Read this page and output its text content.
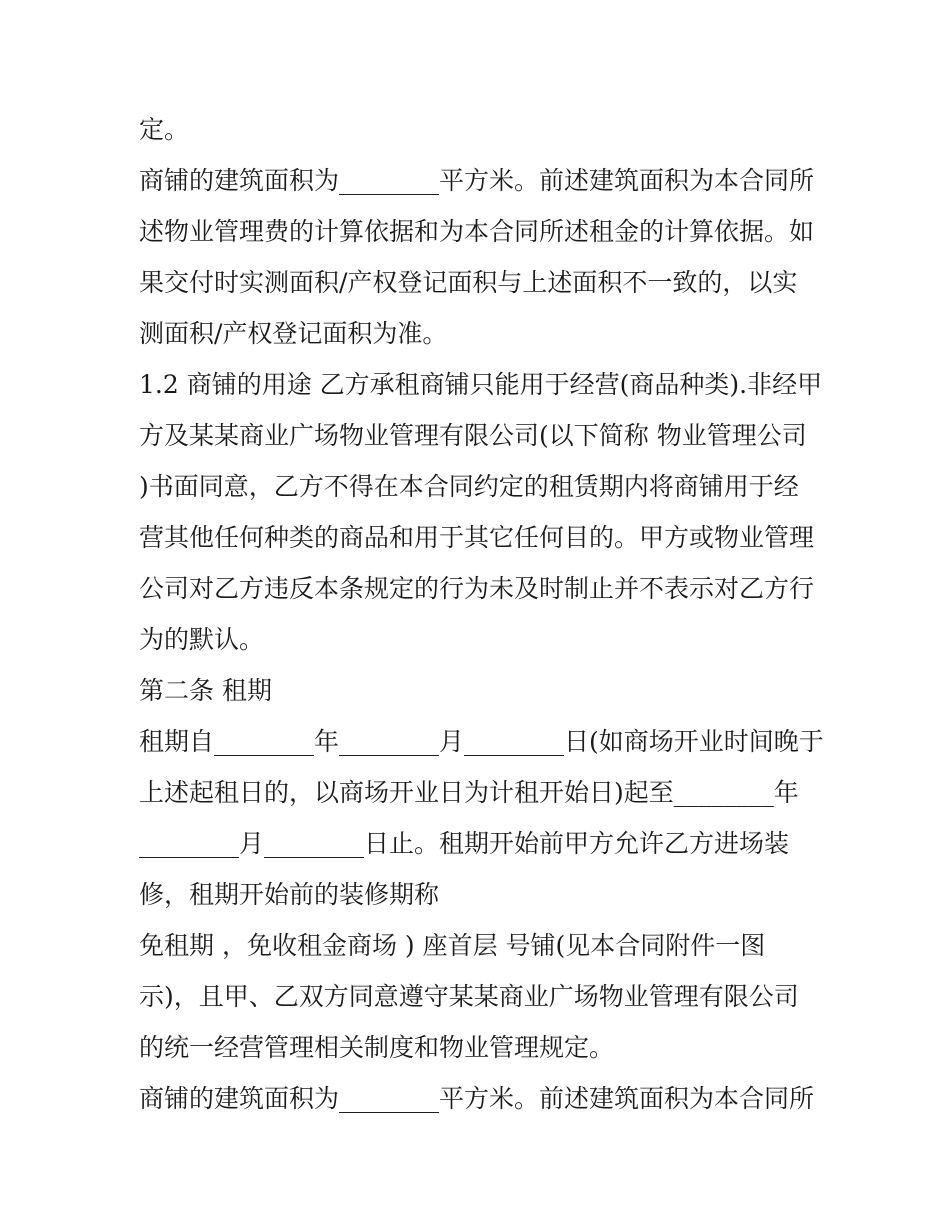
定。
商铺的建筑面积为________平方米。前述建筑面积为本合同所
述物业管理费的计算依据和为本合同所述租金的计算依据。如
果交付时实测面积/产权登记面积与上述面积不一致的，以实
测面积/产权登记面积为准。
1.2 商铺的用途 乙方承租商铺只能用于经营(商品种类).非经甲
方及某某商业广场物业管理有限公司(以下简称 物业管理公司
)书面同意，乙方不得在本合同约定的租赁期内将商铺用于经
营其他任何种类的商品和用于其它任何目的。甲方或物业管理
公司对乙方违反本条规定的行为未及时制止并不表示对乙方行
为的默认。
第二条 租期
租期自________年________月________日(如商场开业时间晚于
上述起租日的，以商场开业日为计租开始日)起至________年
________月________日止。租期开始前甲方允许乙方进场装
修，租期开始前的装修期称
免租期 ，免收租金商场 ) 座首层 号铺(见本合同附件一图
示)，且甲、乙双方同意遵守某某商业广场物业管理有限公司
的统一经营管理相关制度和物业管理规定。
商铺的建筑面积为________平方米。前述建筑面积为本合同所
